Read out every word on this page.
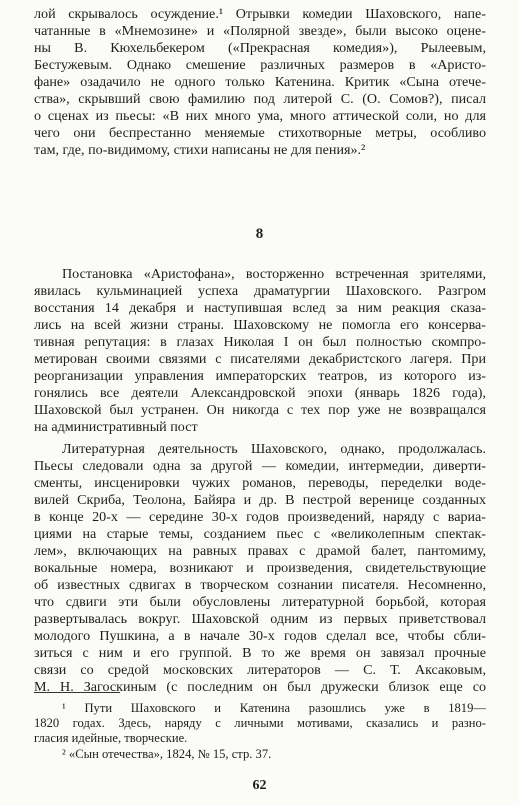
лой скрывалось осуждение.¹ Отрывки комедии Шаховского, напе-
чатанные в «Мнемозине» и «Полярной звезде», были высоко оцене-
ны В. Кюхельбекером («Прекрасная комедия»), Рылеевым,
Бестужевым. Однако смешение различных размеров в «Аристо-
фане» озадачило не одного только Катенина. Критик «Сына отече-
ства», скрывший свою фамилию под литерой С. (О. Сомов?), писал
о сценах из пьесы: «В них много ума, много аттической соли, но для
чего они беспрестанно меняемые стихотворные метры, особливо
там, где, по-видимому, стихи написаны не для пения».²
8
Постановка «Аристофана», восторженно встреченная зрителями,
явилась кульминацией успеха драматургии Шаховского. Разгром
восстания 14 декабря и наступившая вслед за ним реакция сказа-
лись на всей жизни страны. Шаховскому не помогла его консерва-
тивная репутация: в глазах Николая I он был полностью скомпро-
метирован своими связями с писателями декабристского лагеря. При
реорганизации управления императорских театров, из которого из-
гонялись все деятели Александровской эпохи (январь 1826 года),
Шаховской был устранен. Он никогда с тех пор уже не возвращался
на административный пост
Литературная деятельность Шаховского, однако, продолжалась.
Пьесы следовали одна за другой — комедии, интермедии, диверти-
сменты, инсценировки чужих романов, переводы, переделки водe-
вилей Скриба, Теолона, Байяра и др. В пестрой веренице созданных
в конце 20-х — середине 30-х годов произведений, наряду с вариа-
циями на старые темы, созданием пьес с «великолепным спектак-
лем», включающих на равных правах с драмой балет, пантомиму,
вокальные номера, возникают и произведения, свидетельствующие
об известных сдвигах в творческом сознании писателя. Несомненно,
что сдвиги эти были обусловлены литературной борьбой, которая
развертывалась вокруг. Шаховской одним из первых приветствовал
молодого Пушкина, а в начале 30-х годов сделал все, чтобы сбли-
зиться с ним и его группой. В то же время он завязал прочные
связи со средой московских литераторов — С. Т. Аксаковым,
М. Н. Загоскиным (с последним он был дружески близок еще со
¹ Пути Шаховского и Катенина разошлись уже в 1819—
1820 годах. Здесь, наряду с личными мотивами, сказались и разно-
гласия идейные, творческие.
² «Сын отечества», 1824, № 15, стр. 37.
62
